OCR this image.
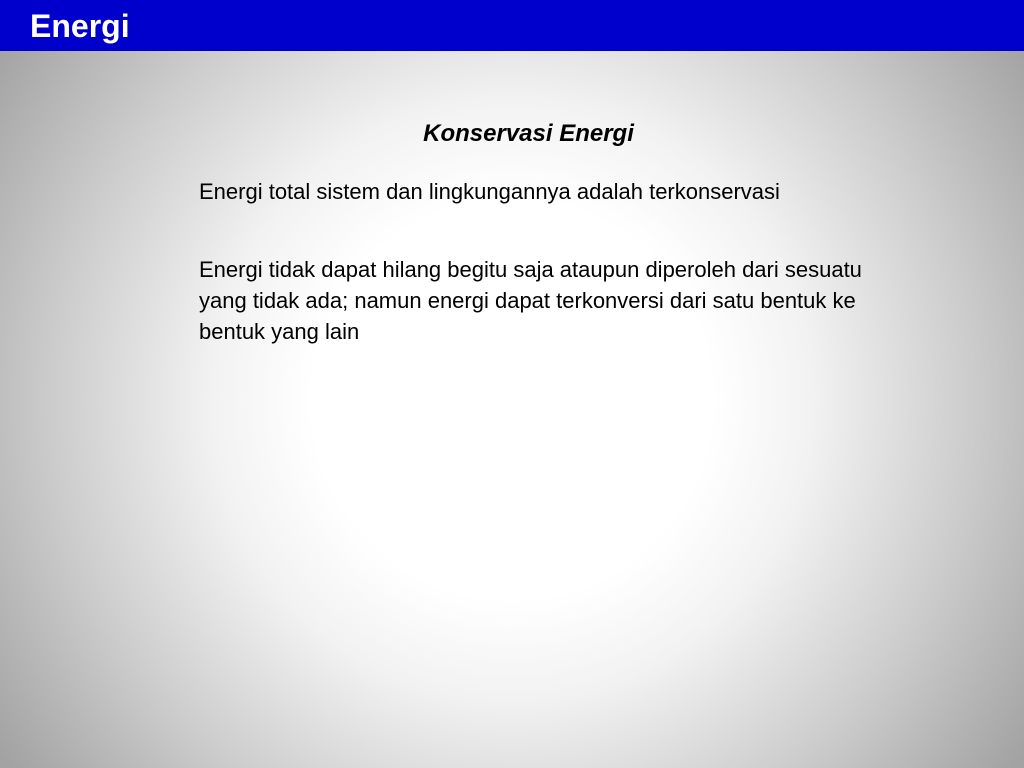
Energi
Konservasi Energi
Energi total sistem dan lingkungannya adalah terkonservasi
Energi tidak dapat hilang begitu saja ataupun diperoleh dari sesuatu yang tidak ada; namun energi dapat terkonversi dari satu bentuk ke bentuk yang lain
